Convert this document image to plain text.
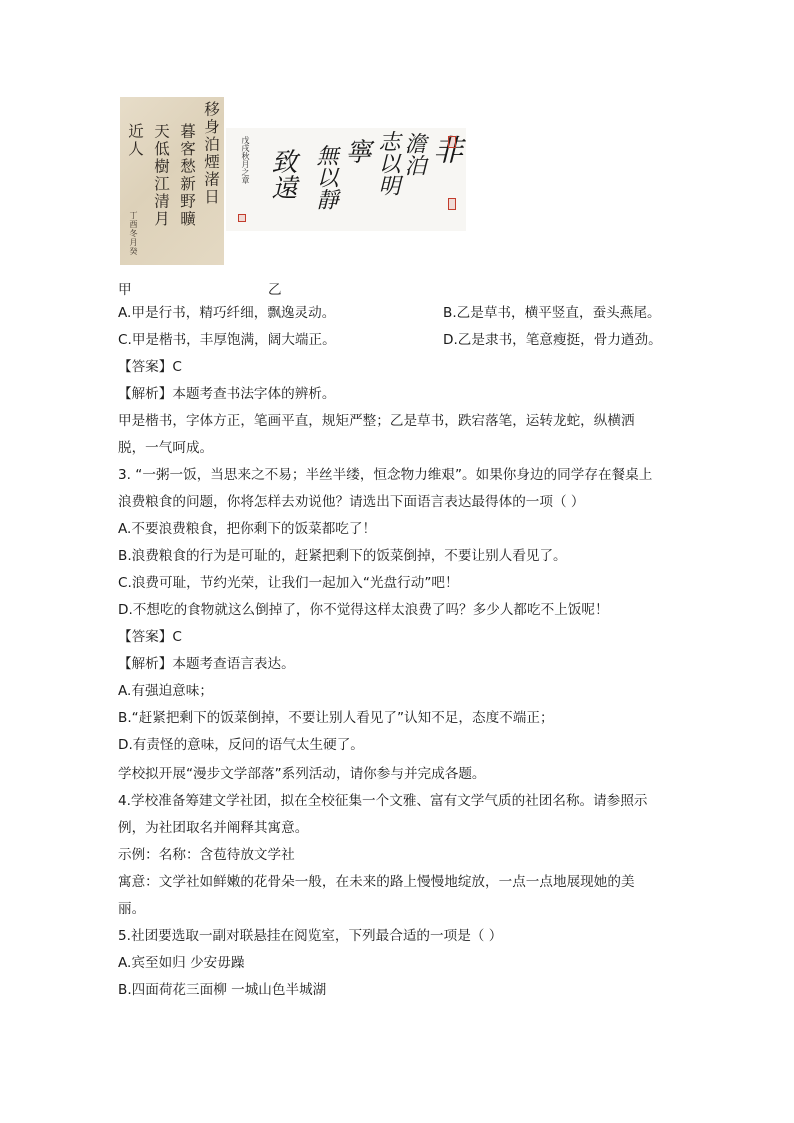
移身泊煙渚日
暮客愁新野曠
天低樹江清月
近人
丁酉冬月癸
非
澹泊
志以明
寧
無以靜
致遠
戊戌秋月之章
甲	乙
A.甲是行书，精巧纤细，飘逸灵动。	B.乙是草书，横平竖直，蚕头燕尾。
C.甲是楷书，丰厚饱满，阔大端正。	D.乙是隶书，笔意瘦挺，骨力遒劲。
【答案】C
【解析】本题考查书法字体的辨析。
甲是楷书，字体方正，笔画平直，规矩严整；乙是草书，跌宕落笔，运转龙蛇，纵横洒
脱，一气呵成。
3. “一粥一饭，当思来之不易；半丝半缕，恒念物力维艰”。如果你身边的同学存在餐桌上
浪费粮食的问题，你将怎样去劝说他？请选出下面语言表达最得体的一项（ ）
A.不要浪费粮食，把你剩下的饭菜都吃了！
B.浪费粮食的行为是可耻的，赶紧把剩下的饭菜倒掉，不要让别人看见了。
C.浪费可耻，节约光荣，让我们一起加入“光盘行动”吧！
D.不想吃的食物就这么倒掉了，你不觉得这样太浪费了吗？多少人都吃不上饭呢！
【答案】C
【解析】本题考查语言表达。
A.有强迫意味；
B.“赶紧把剩下的饭菜倒掉，不要让别人看见了”认知不足，态度不端正；
D.有责怪的意味，反问的语气太生硬了。
学校拟开展“漫步文学部落”系列活动，请你参与并完成各题。
4.学校准备筹建文学社团，拟在全校征集一个文雅、富有文学气质的社团名称。请参照示
例，为社团取名并阐释其寓意。
示例：名称：含苞待放文学社
寓意：文学社如鲜嫩的花骨朵一般，在未来的路上慢慢地绽放，一点一点地展现她的美
丽。
5.社团要选取一副对联悬挂在阅览室，下列最合适的一项是（ ）
A.宾至如归 少安毋躁
B.四面荷花三面柳 一城山色半城湖
